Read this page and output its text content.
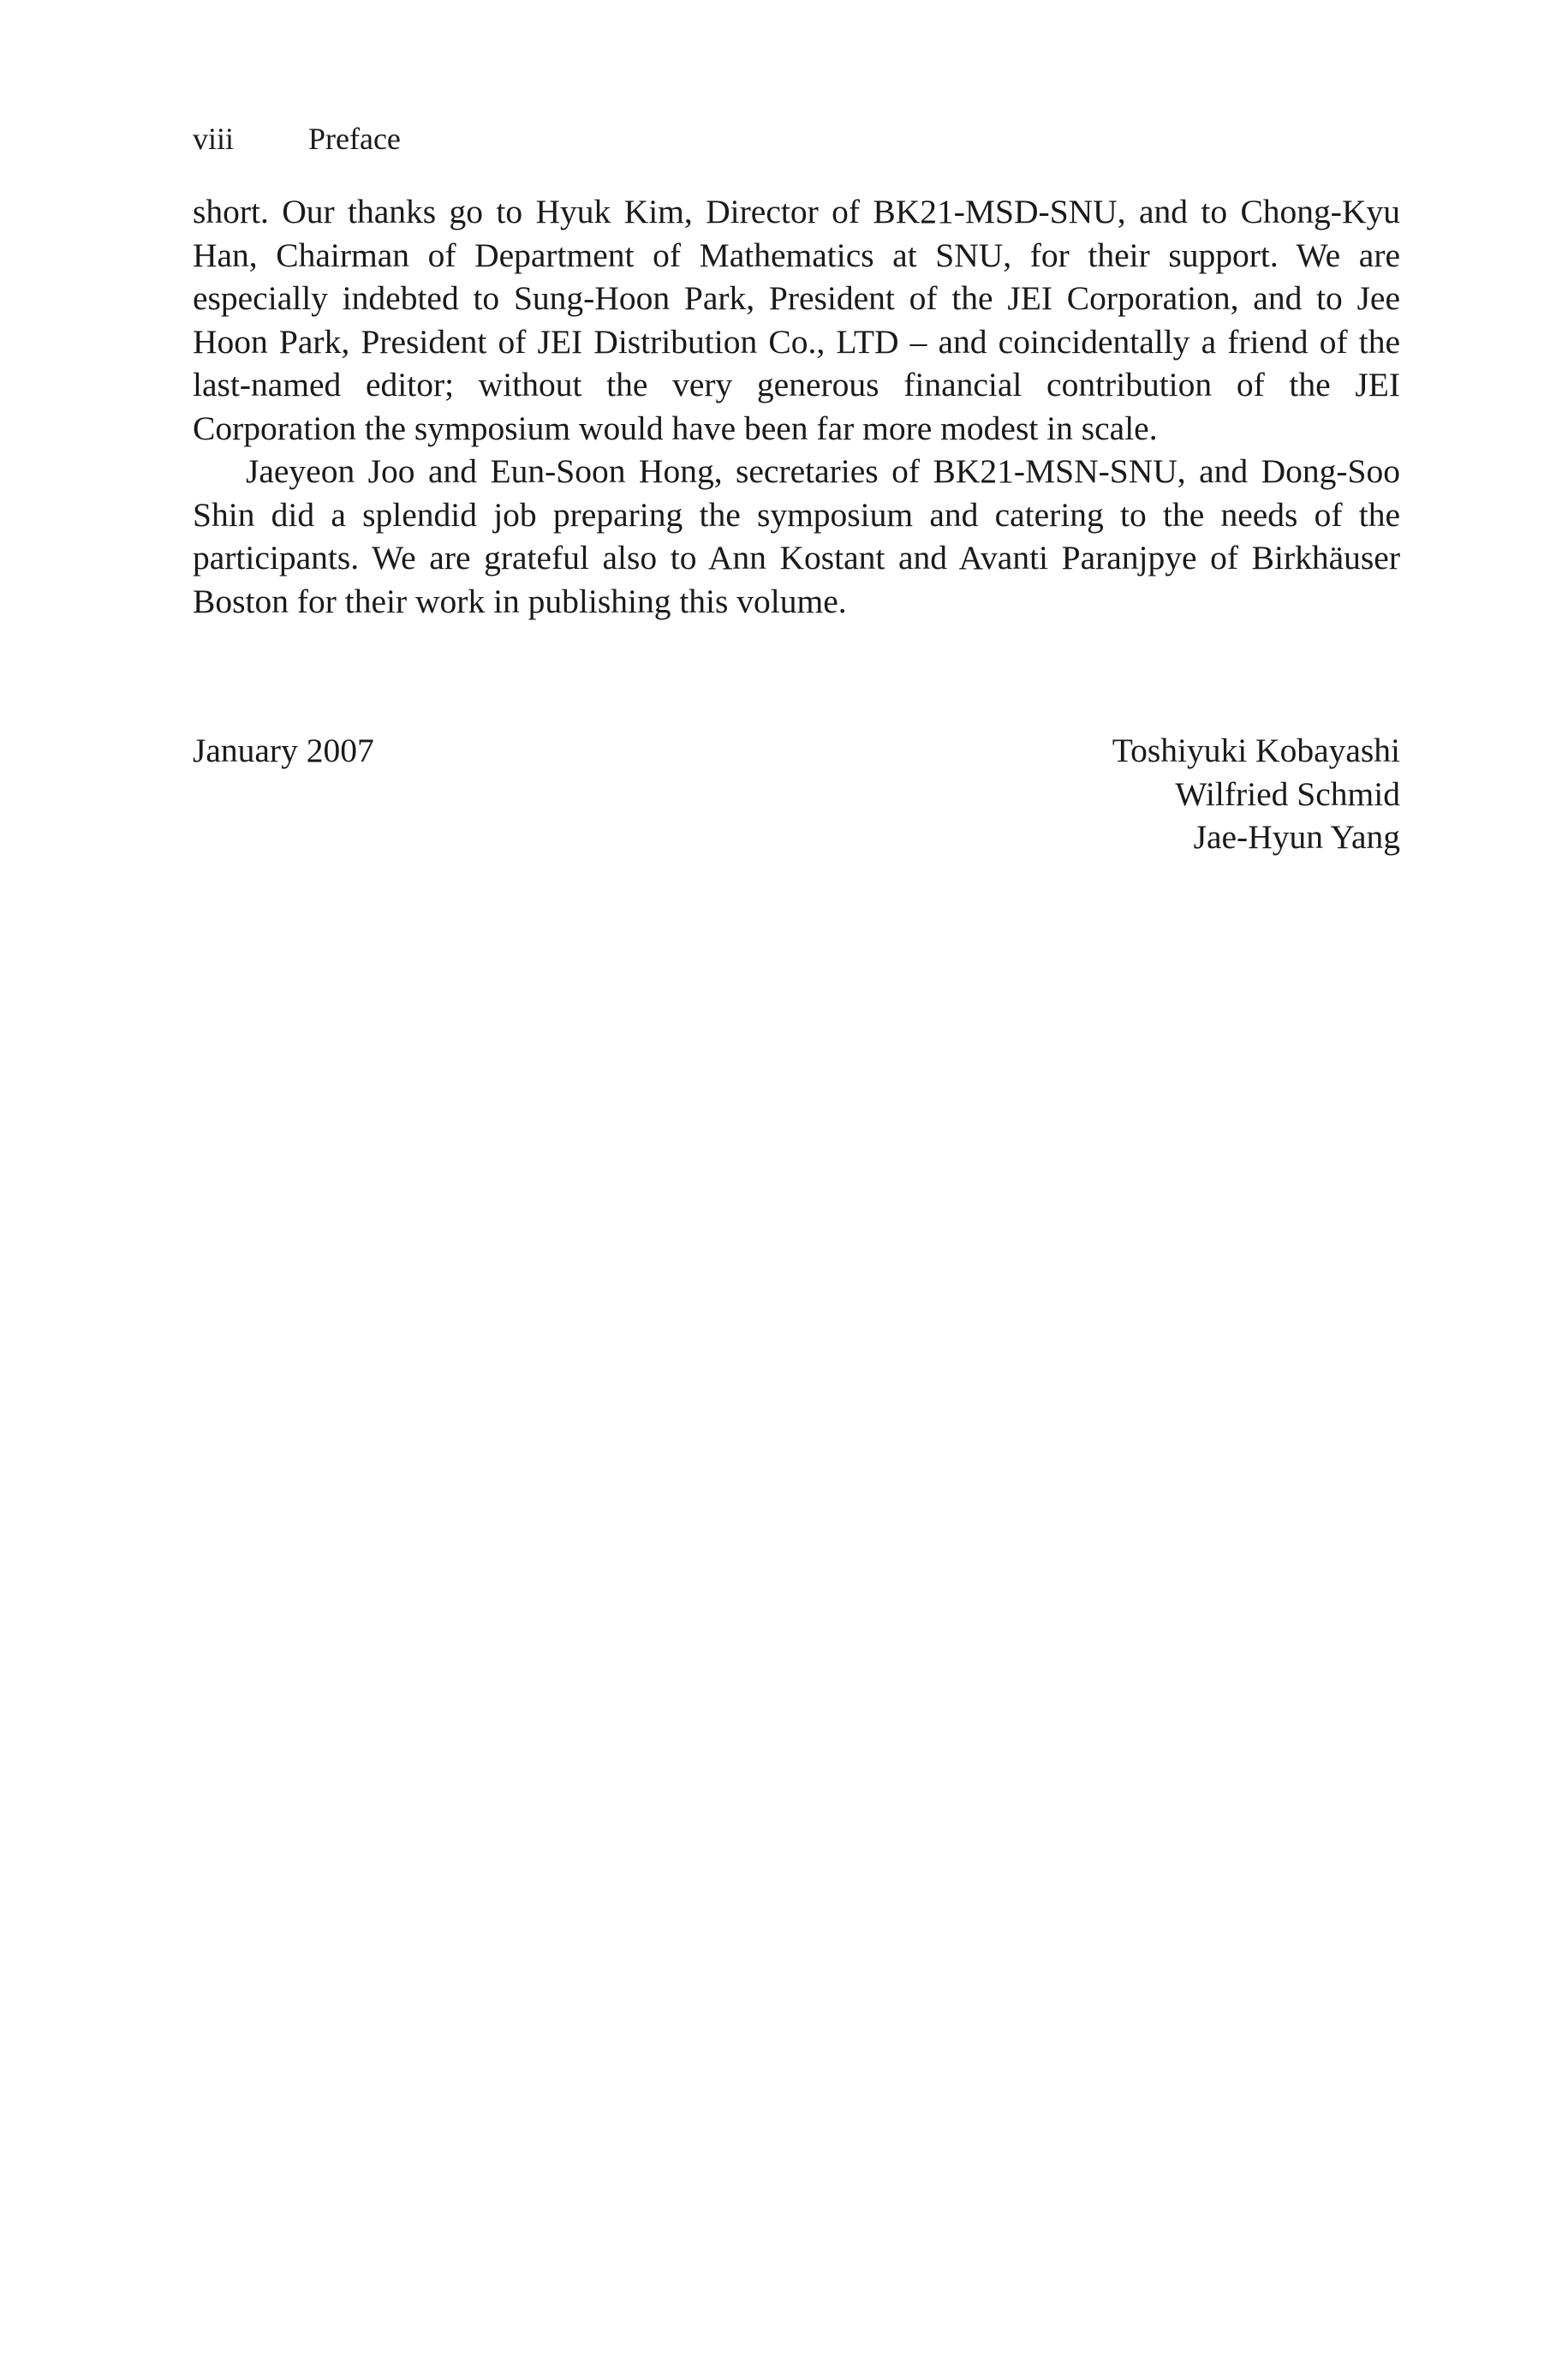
viii Preface

short. Our thanks go to Hyuk Kim, Director of BK21-MSD-SNU, and to Chong-Kyu Han, Chairman of Department of Mathematics at SNU, for their support. We are especially indebted to Sung-Hoon Park, President of the JEI Corporation, and to Jee Hoon Park, President of JEI Distribution Co., LTD – and coincidentally a friend of the last-named editor; without the very generous financial contribution of the JEI Corporation the symposium would have been far more modest in scale.

Jaeyeon Joo and Eun-Soon Hong, secretaries of BK21-MSN-SNU, and Dong-Soo Shin did a splendid job preparing the symposium and catering to the needs of the participants. We are grateful also to Ann Kostant and Avanti Paranjpye of Birkhäuser Boston for their work in publishing this volume.

January 2007	Toshiyuki Kobayashi
Wilfried Schmid
Jae-Hyun Yang
